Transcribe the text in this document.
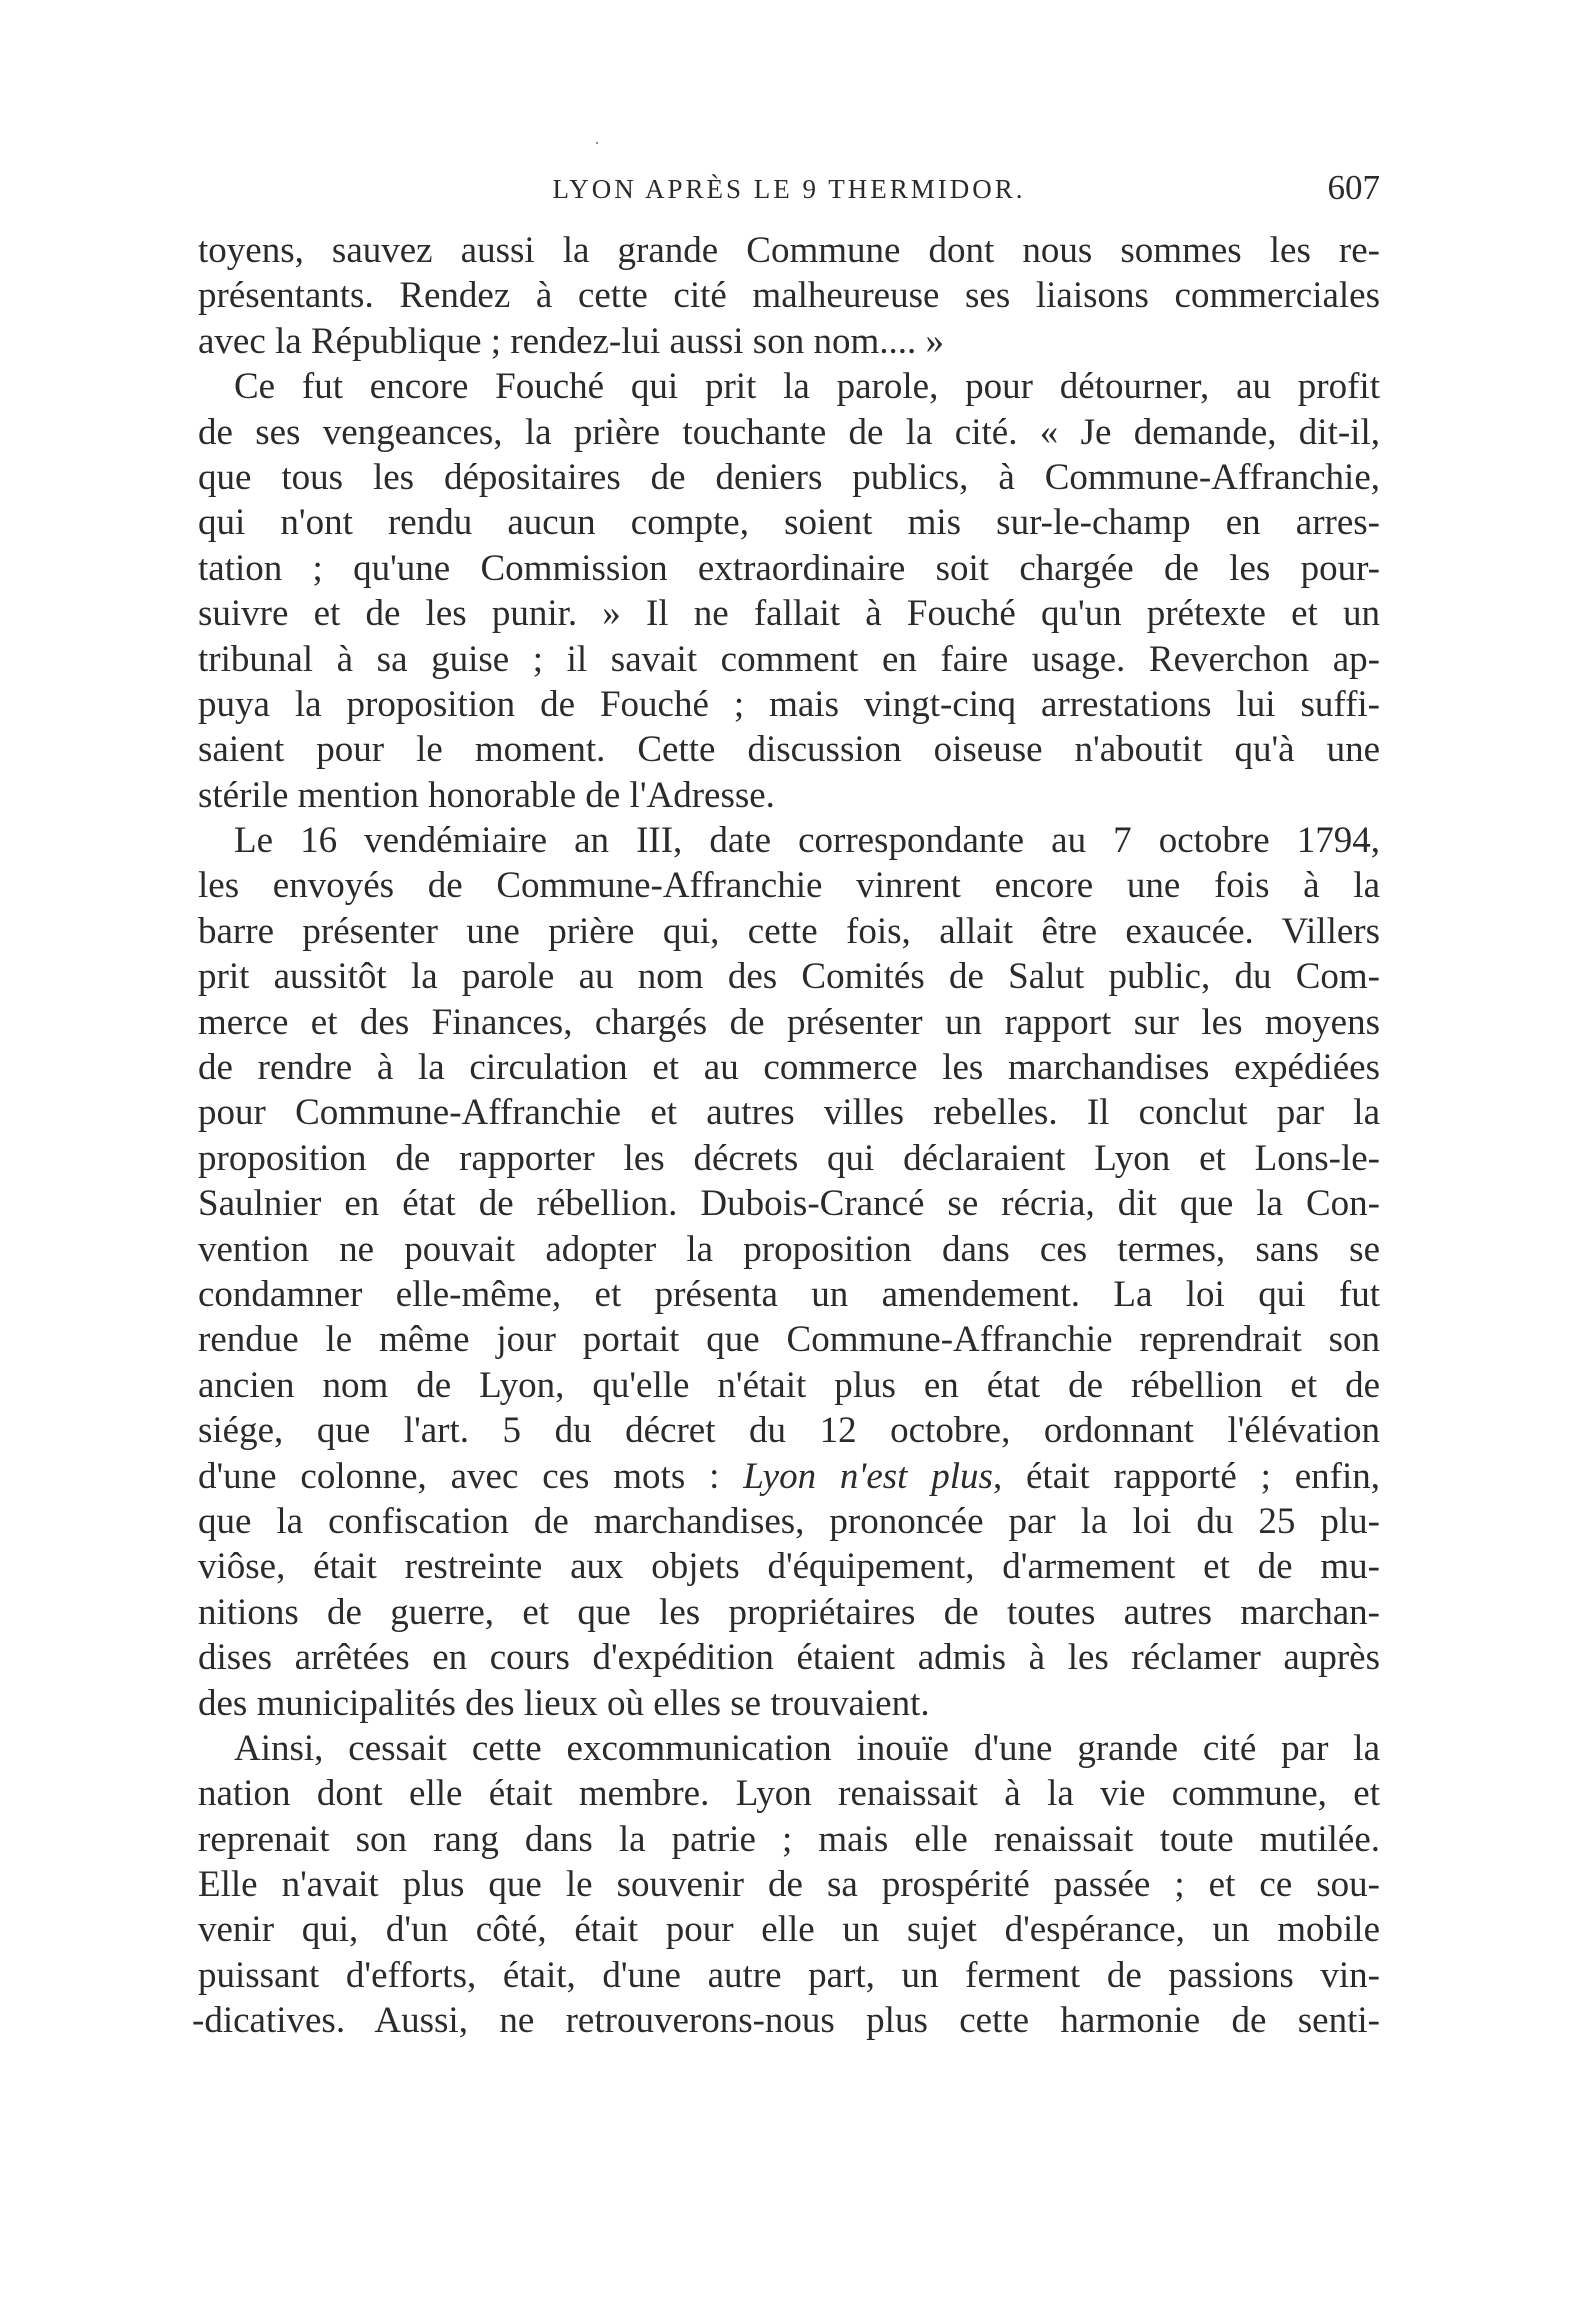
LYON APRÈS LE 9 THERMIDOR.	607
toyens, sauvez aussi la grande Commune dont nous sommes les re-
présentants. Rendez à cette cité malheureuse ses liaisons commerciales
avec la République ; rendez-lui aussi son nom.... »
Ce fut encore Fouché qui prit la parole, pour détourner, au profit
de ses vengeances, la prière touchante de la cité. « Je demande, dit-il,
que tous les dépositaires de deniers publics, à Commune-Affranchie,
qui n'ont rendu aucun compte, soient mis sur-le-champ en arres-
tation ; qu'une Commission extraordinaire soit chargée de les pour-
suivre et de les punir. » Il ne fallait à Fouché qu'un prétexte et un
tribunal à sa guise ; il savait comment en faire usage. Reverchon ap-
puya la proposition de Fouché ; mais vingt-cinq arrestations lui suffi-
saient pour le moment. Cette discussion oiseuse n'aboutit qu'à une
stérile mention honorable de l'Adresse.
Le 16 vendémiaire an III, date correspondante au 7 octobre 1794,
les envoyés de Commune-Affranchie vinrent encore une fois à la
barre présenter une prière qui, cette fois, allait être exaucée. Villers
prit aussitôt la parole au nom des Comités de Salut public, du Com-
merce et des Finances, chargés de présenter un rapport sur les moyens
de rendre à la circulation et au commerce les marchandises expédiées
pour Commune-Affranchie et autres villes rebelles. Il conclut par la
proposition de rapporter les décrets qui déclaraient Lyon et Lons-le-
Saulnier en état de rébellion. Dubois-Crancé se récria, dit que la Con-
vention ne pouvait adopter la proposition dans ces termes, sans se
condamner elle-même, et présenta un amendement. La loi qui fut
rendue le même jour portait que Commune-Affranchie reprendrait son
ancien nom de Lyon, qu'elle n'était plus en état de rébellion et de
siége, que l'art. 5 du décret du 12 octobre, ordonnant l'élévation
d'une colonne, avec ces mots : Lyon n'est plus, était rapporté ; enfin,
que la confiscation de marchandises, prononcée par la loi du 25 plu-
viôse, était restreinte aux objets d'équipement, d'armement et de mu-
nitions de guerre, et que les propriétaires de toutes autres marchan-
dises arrêtées en cours d'expédition étaient admis à les réclamer auprès
des municipalités des lieux où elles se trouvaient.
Ainsi, cessait cette excommunication inouïe d'une grande cité par la
nation dont elle était membre. Lyon renaissait à la vie commune, et
reprenait son rang dans la patrie ; mais elle renaissait toute mutilée.
Elle n'avait plus que le souvenir de sa prospérité passée ; et ce sou-
venir qui, d'un côté, était pour elle un sujet d'espérance, un mobile
puissant d'efforts, était, d'une autre part, un ferment de passions vin-
-dicatives. Aussi, ne retrouverons-nous plus cette harmonie de senti-
